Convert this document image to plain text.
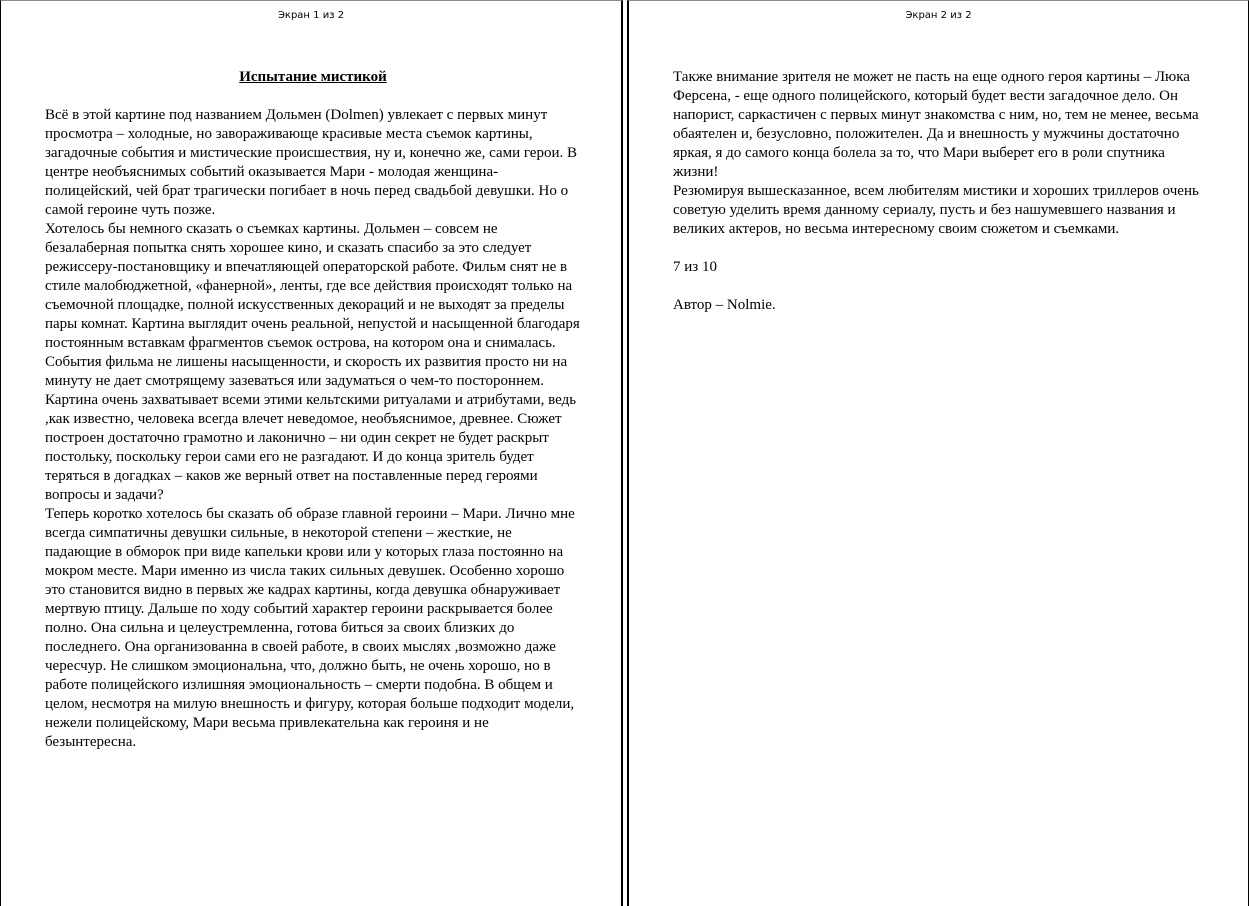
Экран 1 из 2
Испытание мистикой

Всё в этой картине под названием Дольмен (Dolmen) увлекает с первых минут просмотра – холодные, но завораживающе красивые места съемок картины, загадочные события и мистические происшествия, ну и, конечно же, сами герои. В центре необъяснимых событий оказывается Мари - молодая женщина-полицейский, чей брат трагически погибает в ночь перед свадьбой девушки. Но о самой героине чуть позже.

Хотелось бы немного сказать о съемках картины. Дольмен – совсем не безалаберная попытка снять хорошее кино, и сказать спасибо за это следует режиссеру-постановщику и впечатляющей операторской работе. Фильм снят не в стиле малобюджетной, «фанерной», ленты, где все действия происходят только на съемочной площадке, полной искусственных декораций и не выходят за пределы пары комнат. Картина выглядит очень реальной, непустой и насыщенной благодаря постоянным вставкам фрагментов съемок острова, на котором она и снималась.

События фильма не лишены насыщенности, и скорость их развития просто ни на минуту не дает смотрящему зазеваться или задуматься о чем-то постороннем. Картина очень захватывает всеми этими кельтскими ритуалами и атрибутами, ведь ,как известно, человека всегда влечет неведомое, необъяснимое, древнее. Сюжет построен достаточно грамотно и лаконично – ни один секрет не будет раскрыт постольку, поскольку герои сами его не разгадают. И до конца зритель будет теряться в догадках – каков же верный ответ на поставленные перед героями вопросы и задачи?

Теперь коротко хотелось бы сказать об образе главной героини – Мари. Лично мне всегда симпатичны девушки сильные, в некоторой степени – жесткие, не падающие в обморок при виде капельки крови или у которых глаза постоянно на мокром месте. Мари именно из числа таких сильных девушек. Особенно хорошо это становится видно в первых же кадрах картины, когда девушка обнаруживает мертвую птицу. Дальше по ходу событий характер героини раскрывается более полно. Она сильна и целеустремленна, готова биться за своих близких до последнего. Она организованна в своей работе, в своих мыслях ,возможно даже чересчур. Не слишком эмоциональна, что, должно быть, не очень хорошо, но в работе полицейского излишняя эмоциональность – смерти подобна. В общем и целом, несмотря на милую внешность и фигуру, которая больше подходит модели, нежели полицейскому, Мари весьма привлекательна как героиня и не безынтересна.

Экран 2 из 2

Также внимание зрителя не может не пасть на еще одного героя картины – Люка Ферсена, - еще одного полицейского, который будет вести загадочное дело. Он напорист, саркастичен с первых минут знакомства с ним, но, тем не менее, весьма обаятелен и, безусловно, положителен. Да и внешность у мужчины достаточно яркая, я до самого конца болела за то, что Мари выберет его в роли спутника жизни!

Резюмируя вышесказанное, всем любителям мистики и хороших триллеров очень советую уделить время данному сериалу, пусть и без нашумевшего названия и великих актеров, но весьма интересному своим сюжетом и съемками.

7 из 10

Автор – Nolmie.
